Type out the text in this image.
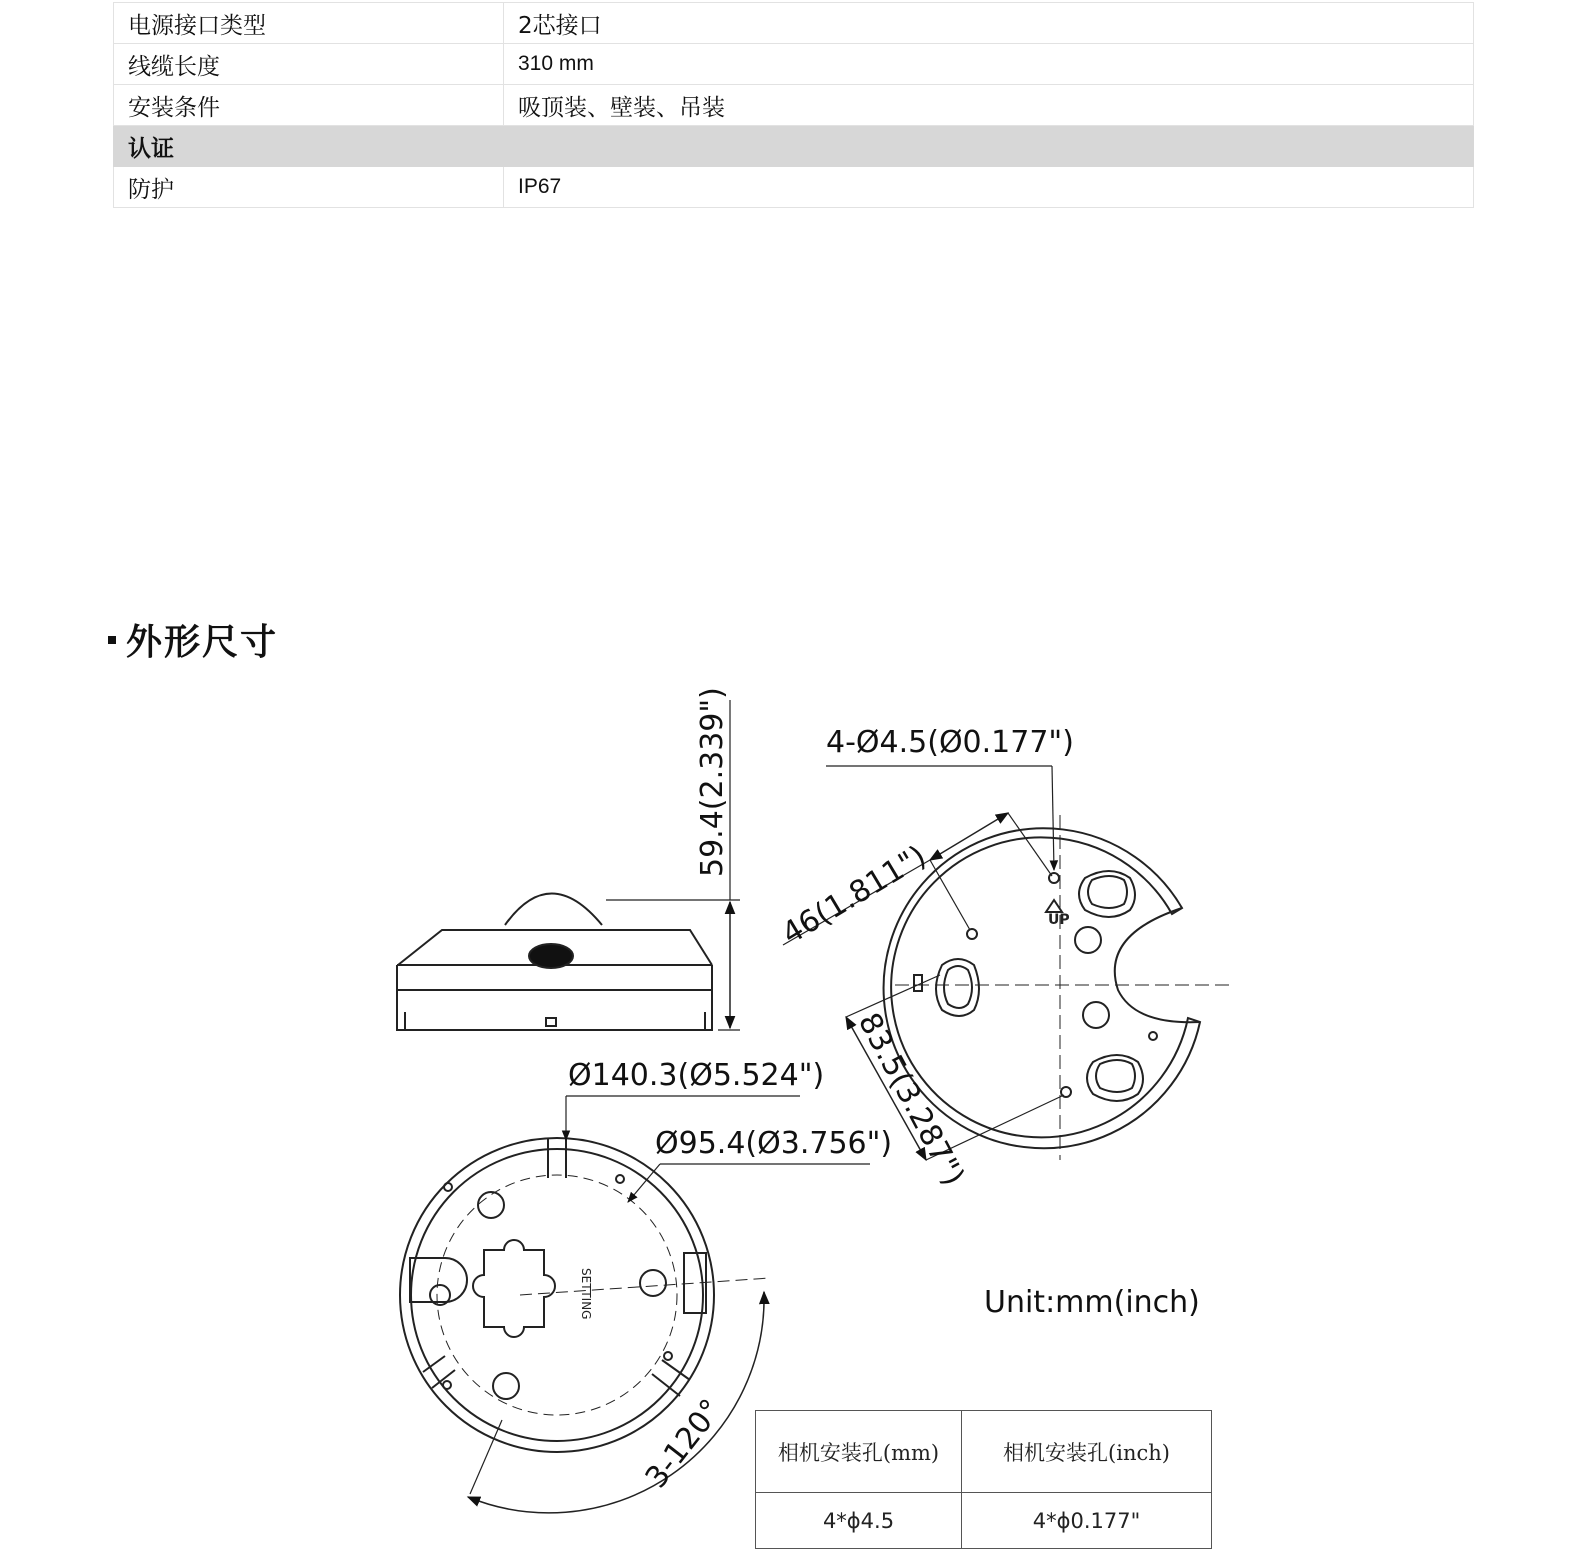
电源接口类型	2芯接口
线缆长度	310 mm
安装条件	吸顶装、壁装、吊装
认证	
防护	IP67
外形尺寸
59.4(2.339")	4-Ø4.5(Ø0.177")
46(1.811")
83.5(3.287")
UP
Ø140.3(Ø5.524")
Ø95.4(Ø3.756")
3-120°
SETTING	Unit:mm(inch)
相机安装孔(mm)	相机安装孔(inch)
4*ɸ4.5	4*ɸ0.177"
